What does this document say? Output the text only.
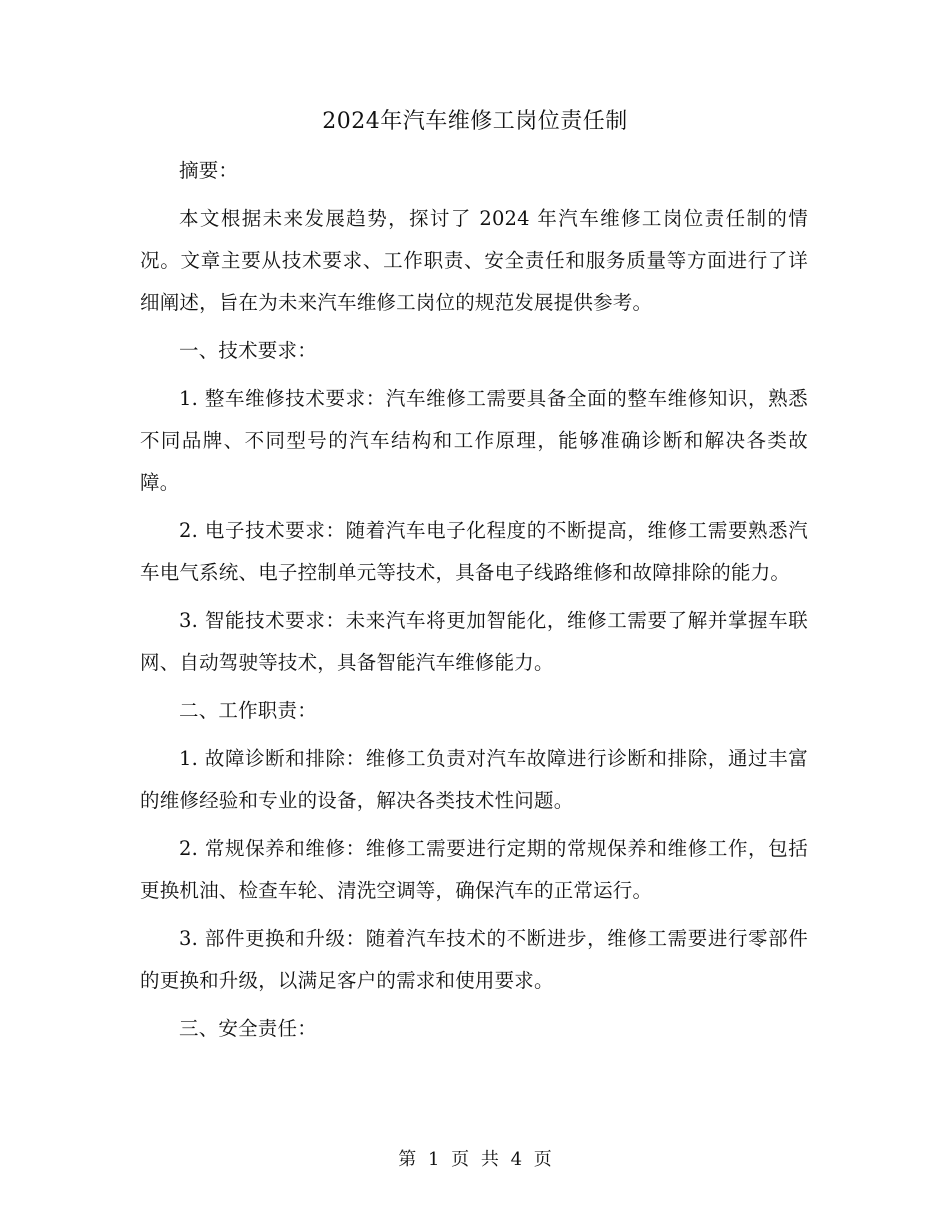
2024年汽车维修工岗位责任制

摘要：

本文根据未来发展趋势，探讨了 2024 年汽车维修工岗位责任制的情况。文章主要从技术要求、工作职责、安全责任和服务质量等方面进行了详细阐述，旨在为未来汽车维修工岗位的规范发展提供参考。

一、技术要求：

1. 整车维修技术要求：汽车维修工需要具备全面的整车维修知识，熟悉不同品牌、不同型号的汽车结构和工作原理，能够准确诊断和解决各类故障。

2. 电子技术要求：随着汽车电子化程度的不断提高，维修工需要熟悉汽车电气系统、电子控制单元等技术，具备电子线路维修和故障排除的能力。

3. 智能技术要求：未来汽车将更加智能化，维修工需要了解并掌握车联网、自动驾驶等技术，具备智能汽车维修能力。

二、工作职责：

1. 故障诊断和排除：维修工负责对汽车故障进行诊断和排除，通过丰富的维修经验和专业的设备，解决各类技术性问题。

2. 常规保养和维修：维修工需要进行定期的常规保养和维修工作，包括更换机油、检查车轮、清洗空调等，确保汽车的正常运行。

3. 部件更换和升级：随着汽车技术的不断进步，维修工需要进行零部件的更换和升级，以满足客户的需求和使用要求。

三、安全责任：

第 1 页 共 4 页
